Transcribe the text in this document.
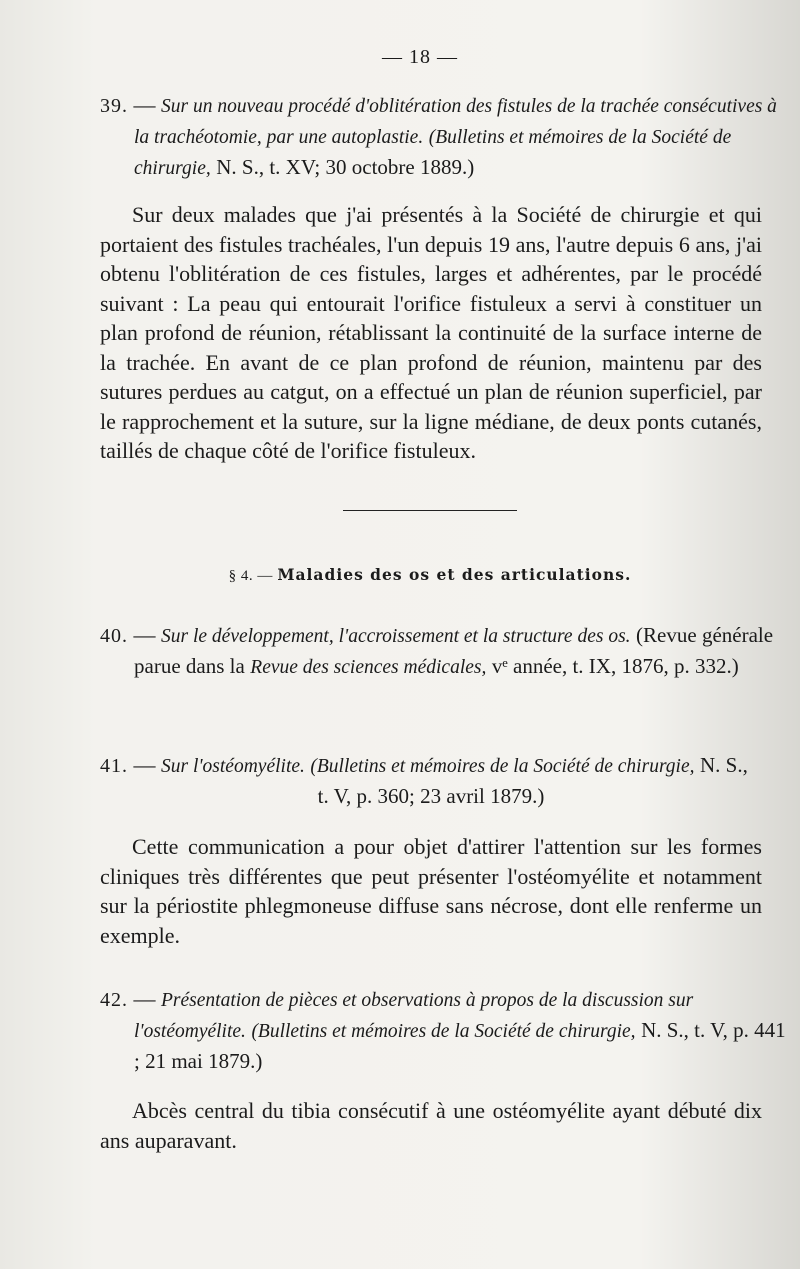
— 18 —
39. — Sur un nouveau procédé d'oblitération des fistules de la trachée consécutives à la trachéotomie, par une autoplastie. (Bulletins et mémoires de la Société de chirurgie, N. S., t. XV; 30 octobre 1889.)
Sur deux malades que j'ai présentés à la Société de chirurgie et qui portaient des fistules trachéales, l'un depuis 19 ans, l'autre depuis 6 ans, j'ai obtenu l'oblitération de ces fistules, larges et adhérentes, par le procédé suivant : La peau qui entourait l'orifice fistuleux a servi à constituer un plan profond de réunion, rétablissant la continuité de la surface interne de la trachée. En avant de ce plan profond de réunion, maintenu par des sutures perdues au catgut, on a effectué un plan de réunion superficiel, par le rapprochement et la suture, sur la ligne médiane, de deux ponts cutanés, taillés de chaque côté de l'orifice fistuleux.
§ 4. — Maladies des os et des articulations.
40. — Sur le développement, l'accroissement et la structure des os. (Revue générale parue dans la Revue des sciences médicales, vᵉ année, t. IX, 1876, p. 332.)
41. — Sur l'ostéomyélite. (Bulletins et mémoires de la Société de chirurgie, N. S.,
t. V, p. 360; 23 avril 1879.)
Cette communication a pour objet d'attirer l'attention sur les formes cliniques très différentes que peut présenter l'ostéomyélite et notamment sur la périostite phlegmoneuse diffuse sans nécrose, dont elle renferme un exemple.
42. — Présentation de pièces et observations à propos de la discussion sur l'ostéomyélite. (Bulletins et mémoires de la Société de chirurgie, N. S., t. V, p. 441 ; 21 mai 1879.)
Abcès central du tibia consécutif à une ostéomyélite ayant débuté dix ans auparavant.
